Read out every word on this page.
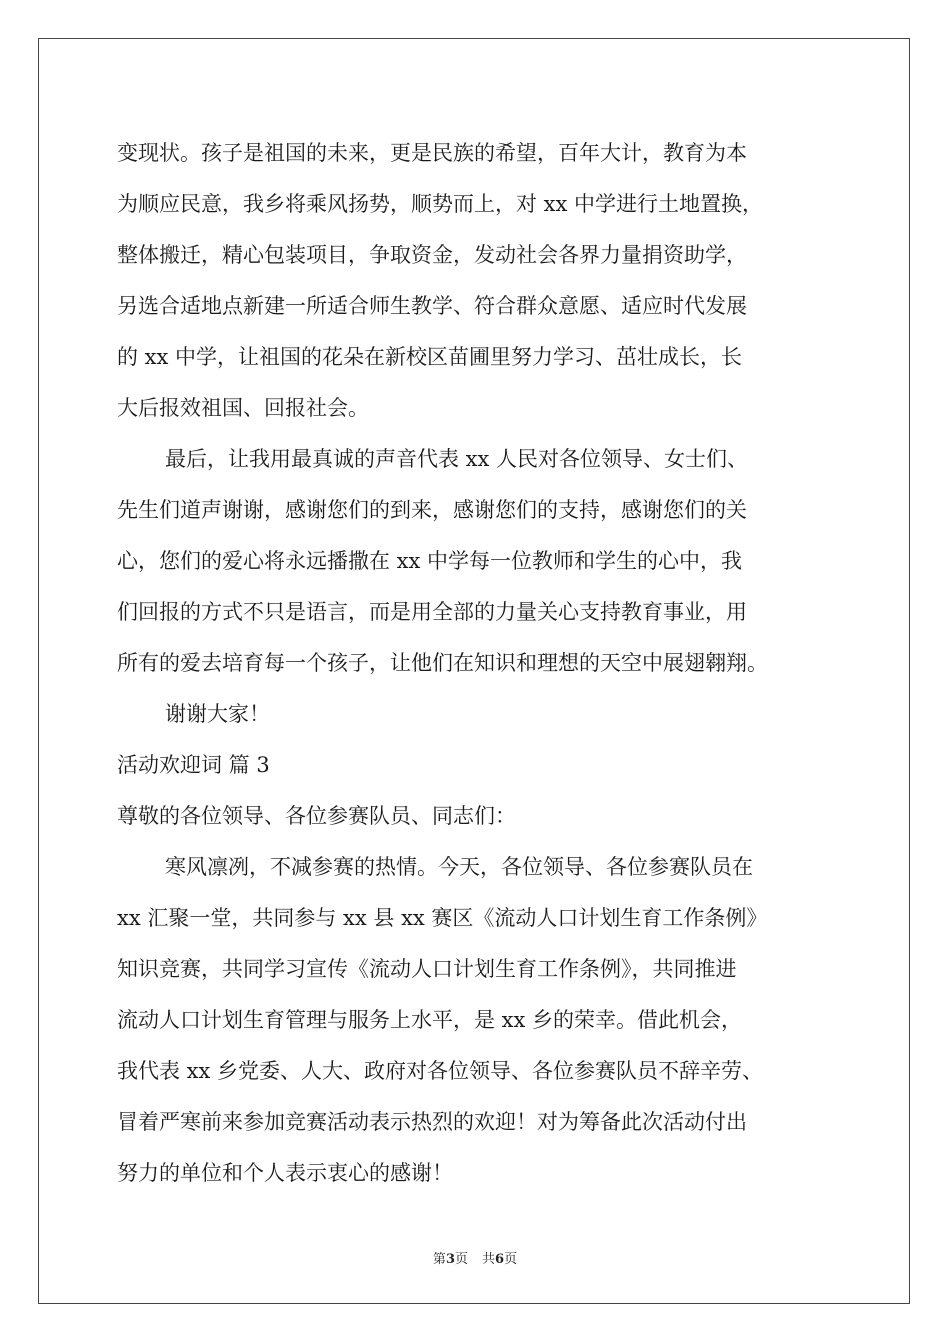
变现状。孩子是祖国的未来，更是民族的希望，百年大计，教育为本
为顺应民意，我乡将乘风扬势，顺势而上，对 xx 中学进行土地置换，
整体搬迁，精心包装项目，争取资金，发动社会各界力量捐资助学，
另选合适地点新建一所适合师生教学、符合群众意愿、适应时代发展
的 xx 中学，让祖国的花朵在新校区苗圃里努力学习、茁壮成长，长
大后报效祖国、回报社会。
最后，让我用最真诚的声音代表 xx 人民对各位领导、女士们、
先生们道声谢谢，感谢您们的到来，感谢您们的支持，感谢您们的关
心，您们的爱心将永远播撒在 xx 中学每一位教师和学生的心中，我
们回报的方式不只是语言，而是用全部的力量关心支持教育事业，用
所有的爱去培育每一个孩子，让他们在知识和理想的天空中展翅翱翔。
谢谢大家！
活动欢迎词 篇 3
尊敬的各位领导、各位参赛队员、同志们：
寒风凛冽，不减参赛的热情。今天，各位领导、各位参赛队员在
xx 汇聚一堂，共同参与 xx 县 xx 赛区《流动人口计划生育工作条例》
知识竞赛，共同学习宣传《流动人口计划生育工作条例》，共同推进
流动人口计划生育管理与服务上水平，是 xx 乡的荣幸。借此机会，
我代表 xx 乡党委、人大、政府对各位领导、各位参赛队员不辞辛劳、
冒着严寒前来参加竞赛活动表示热烈的欢迎！对为筹备此次活动付出
努力的单位和个人表示衷心的感谢！
第3页 共6页
